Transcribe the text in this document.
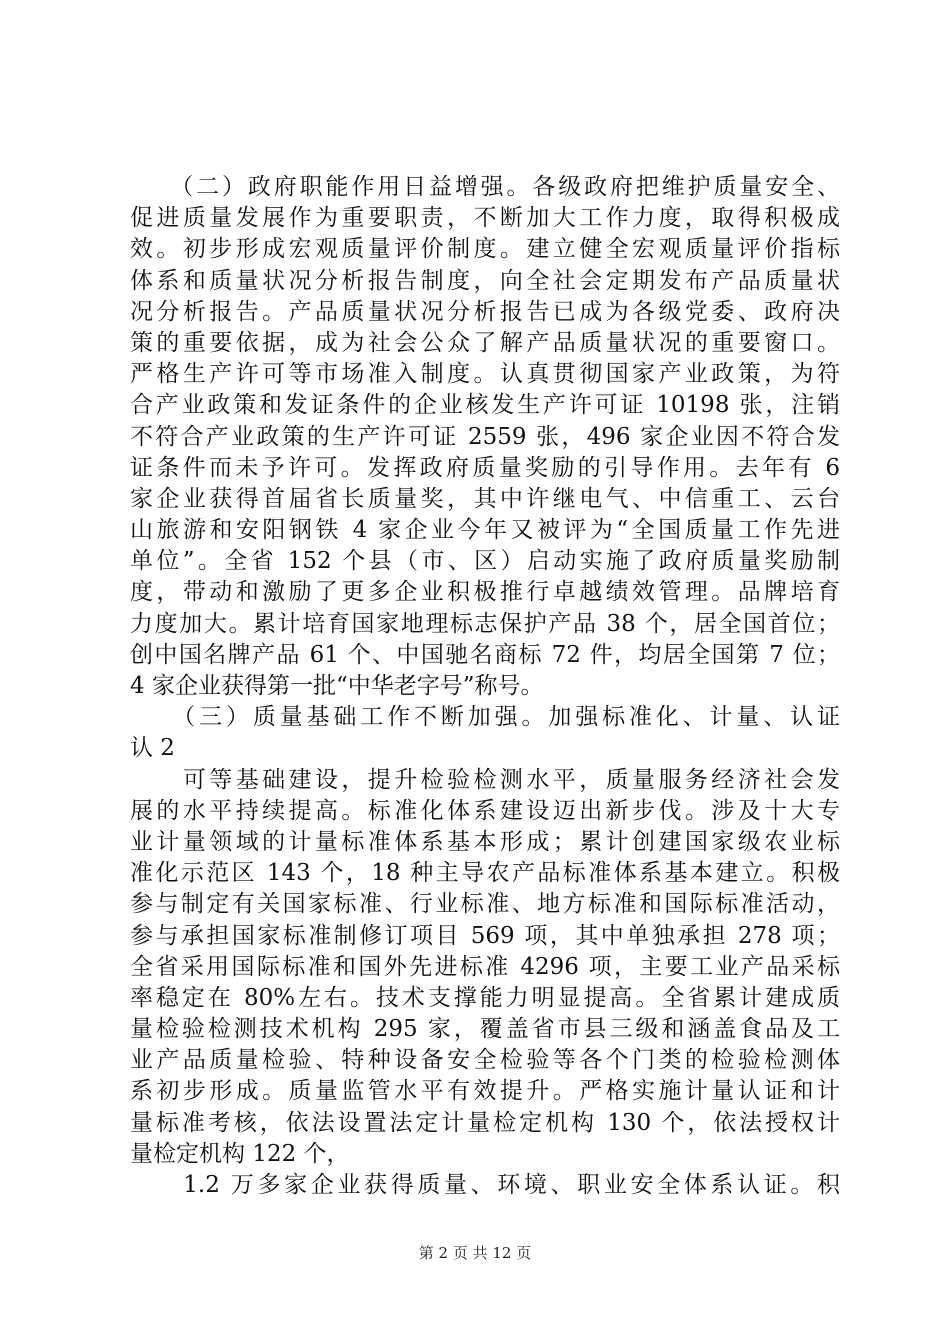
　　（二）政府职能作用日益增强。各级政府把维护质量安全、
促进质量发展作为重要职责，不断加大工作力度，取得积极成
效。初步形成宏观质量评价制度。建立健全宏观质量评价指标
体系和质量状况分析报告制度，向全社会定期发布产品质量状
况分析报告。产品质量状况分析报告已成为各级党委、政府决
策的重要依据，成为社会公众了解产品质量状况的重要窗口。
严格生产许可等市场准入制度。认真贯彻国家产业政策，为符
合产业政策和发证条件的企业核发生产许可证 10198 张，注销
不符合产业政策的生产许可证 2559 张，496 家企业因不符合发
证条件而未予许可。发挥政府质量奖励的引导作用。去年有 6
家企业获得首届省长质量奖，其中许继电气、中信重工、云台
山旅游和安阳钢铁 4 家企业今年又被评为“全国质量工作先进
单位”。全省 152 个县（市、区）启动实施了政府质量奖励制
度，带动和激励了更多企业积极推行卓越绩效管理。品牌培育
力度加大。累计培育国家地理标志保护产品 38 个，居全国首位；
创中国名牌产品 61 个、中国驰名商标 72 件，均居全国第 7 位；
4 家企业获得第一批“中华老字号”称号。
　　（三）质量基础工作不断加强。加强标准化、计量、认证
认 2
　　可等基础建设，提升检验检测水平，质量服务经济社会发
展的水平持续提高。标准化体系建设迈出新步伐。涉及十大专
业计量领域的计量标准体系基本形成；累计创建国家级农业标
准化示范区 143 个，18 种主导农产品标准体系基本建立。积极
参与制定有关国家标准、行业标准、地方标准和国际标准活动，
参与承担国家标准制修订项目 569 项，其中单独承担 278 项；
全省采用国际标准和国外先进标准 4296 项，主要工业产品采标
率稳定在 80%左右。技术支撑能力明显提高。全省累计建成质
量检验检测技术机构 295 家，覆盖省市县三级和涵盖食品及工
业产品质量检验、特种设备安全检验等各个门类的检验检测体
系初步形成。质量监管水平有效提升。严格实施计量认证和计
量标准考核，依法设置法定计量检定机构 130 个，依法授权计
量检定机构 122 个，
　　1.2 万多家企业获得质量、环境、职业安全体系认证。积
第 2 页 共 12 页
